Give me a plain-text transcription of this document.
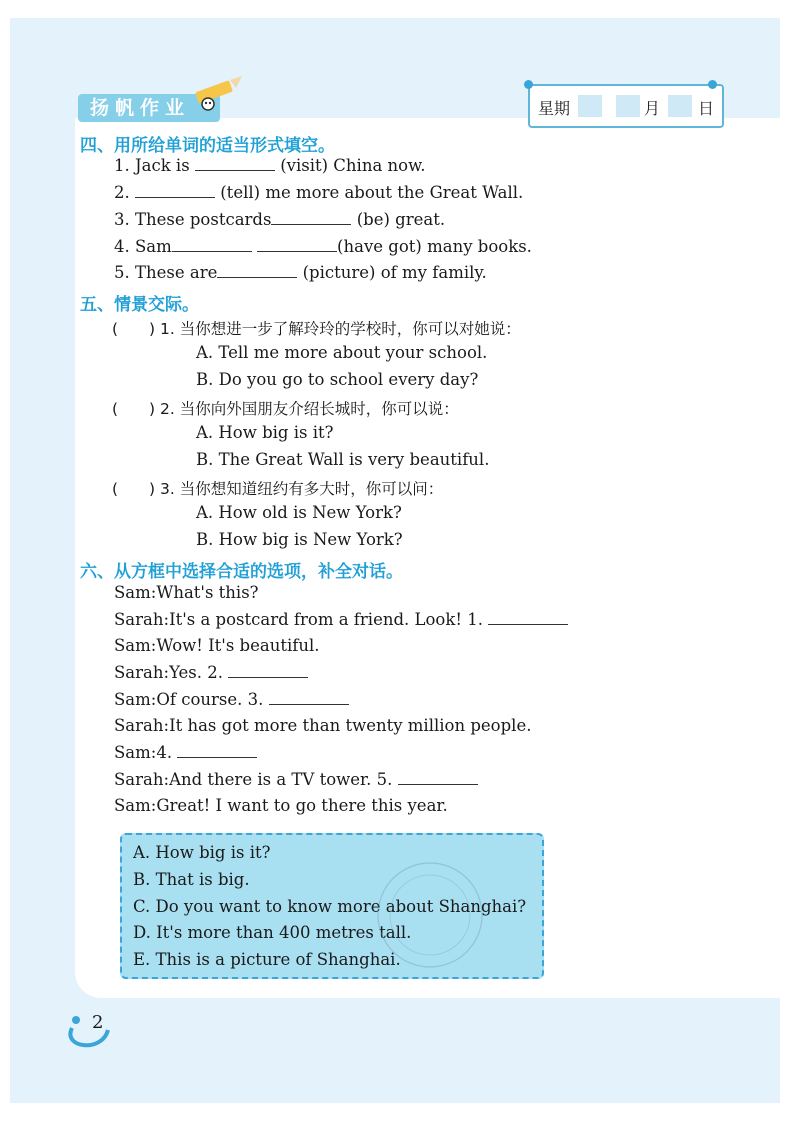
扬帆作业	星期	月 日
四、用所给单词的适当形式填空。
1. Jack is	(visit) China now.
2.	(tell) me more about the Great Wall.
3. These postcards	(be) great.
4. Sam	(have got) many books.
5. These are	(picture) of my family.
五、情景交际。
(　　) 1. 当你想进一步了解玲玲的学校时，你可以对她说：
A. Tell me more about your school.
B. Do you go to school every day?
(　　) 2. 当你向外国朋友介绍长城时，你可以说：
A. How big is it?
B. The Great Wall is very beautiful.
(　　) 3. 当你想知道纽约有多大时，你可以问：
A. How old is New York?
B. How big is New York?
六、从方框中选择合适的选项，补全对话。
Sam:What's this?
Sarah:It's a postcard from a friend. Look! 1.
Sam:Wow! It's beautiful.
Sarah:Yes. 2.
Sam:Of course. 3.
Sarah:It has got more than twenty million people.
Sam:4.
Sarah:And there is a TV tower. 5.
Sam:Great! I want to go there this year.
A. How big is it?
B. That is big.
C. Do you want to know more about Shanghai?
D. It's more than 400 metres tall.
E. This is a picture of Shanghai.
2
